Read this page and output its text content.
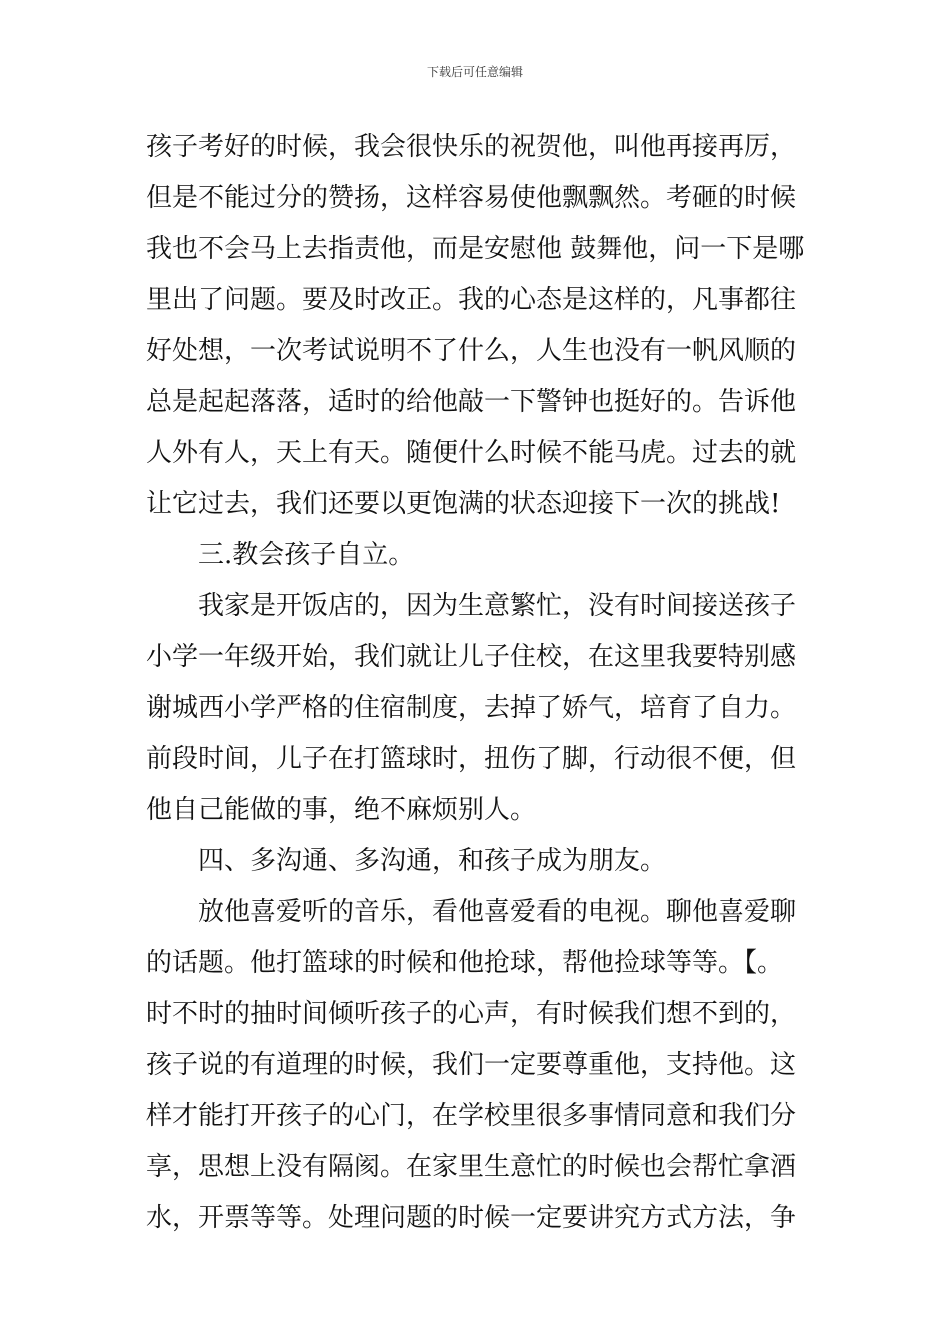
下载后可任意编辑
孩子考好的时候，我会很快乐的祝贺他，叫他再接再厉，
但是不能过分的赞扬，这样容易使他飘飘然。考砸的时候
我也不会马上去指责他，而是安慰他 鼓舞他，问一下是哪
里出了问题。要及时改正。我的心态是这样的，凡事都往
好处想，一次考试说明不了什么，人生也没有一帆风顺的
总是起起落落，适时的给他敲一下警钟也挺好的。告诉他
人外有人，天上有天。随便什么时候不能马虎。过去的就
让它过去，我们还要以更饱满的状态迎接下一次的挑战!
三.教会孩子自立。
我家是开饭店的，因为生意繁忙，没有时间接送孩子
小学一年级开始，我们就让儿子住校，在这里我要特别感
谢城西小学严格的住宿制度，去掉了娇气，培育了自力。
前段时间，儿子在打篮球时，扭伤了脚，行动很不便，但
他自己能做的事，绝不麻烦别人。
四、多沟通、多沟通，和孩子成为朋友。
放他喜爱听的音乐，看他喜爱看的电视。聊他喜爱聊
的话题。他打篮球的时候和他抢球，帮他捡球等等。【。
时不时的抽时间倾听孩子的心声，有时候我们想不到的，
孩子说的有道理的时候，我们一定要尊重他，支持他。这
样才能打开孩子的心门，在学校里很多事情同意和我们分
享，思想上没有隔阂。在家里生意忙的时候也会帮忙拿酒
水，开票等等。处理问题的时候一定要讲究方式方法，争
